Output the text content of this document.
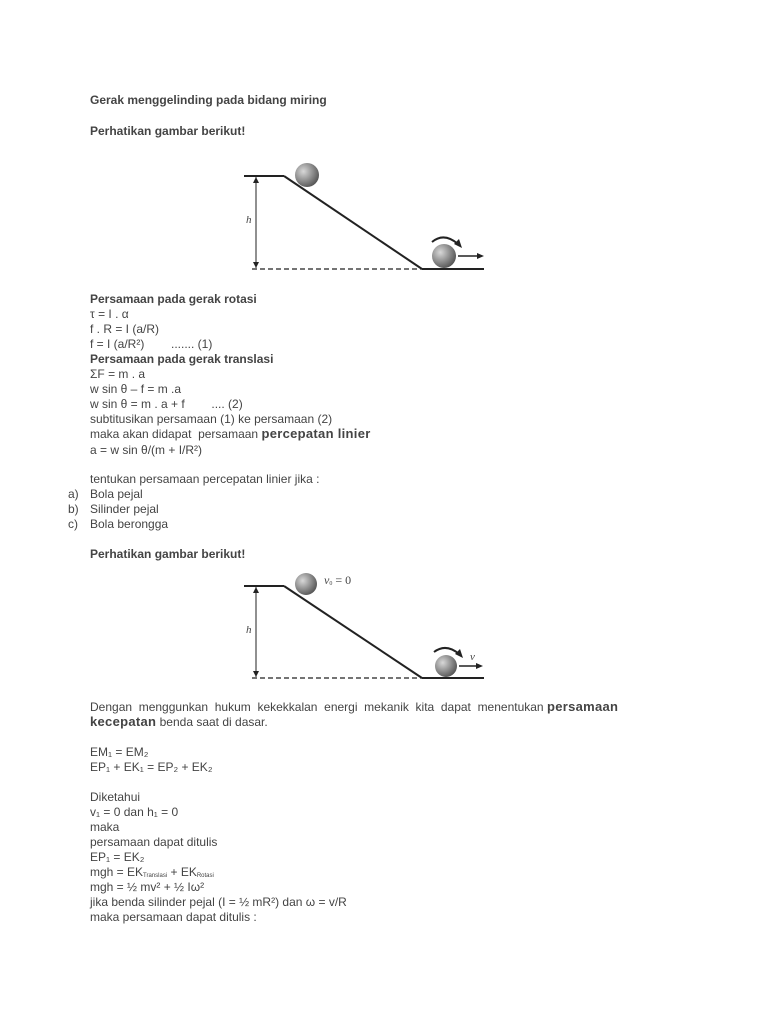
Gerak menggelinding pada bidang miring
Perhatikan gambar berikut!
h
Persamaan pada gerak rotasi
τ = I . α
f . R = I (a/R)
f = I (a/R²)        ....... (1)
Persamaan pada gerak translasi
ΣF = m . a
w sin θ – f = m .a
w sin θ = m . a + f        .... (2)
subtitusikan persamaan (1) ke persamaan (2)
maka akan didapat  persamaan percepatan linier
a = w sin θ/(m + I/R²)
tentukan persamaan percepatan linier jika :
a) Bola pejal
b) Silinder pejal
c) Bola berongga
Perhatikan gambar berikut!
h
$v_0 = 0$
v
Dengan  menggunkan  hukum  kekekkalan  energi  mekanik  kita  dapat  menentukan persamaan
kecepatan benda saat di dasar.
EM₁ = EM₂
EP₁ + EK₁ = EP₂ + EK₂
Diketahui
v₁ = 0 dan h₁ = 0
maka
persamaan dapat ditulis
EP₁ = EK₂
mgh = $EK_{Translasi} + EK_{Rotasi}$
mgh = ½ mv² + ½ Iω²
jika benda silinder pejal (I = ½ mR²) dan ω = v/R
maka persamaan dapat ditulis :
